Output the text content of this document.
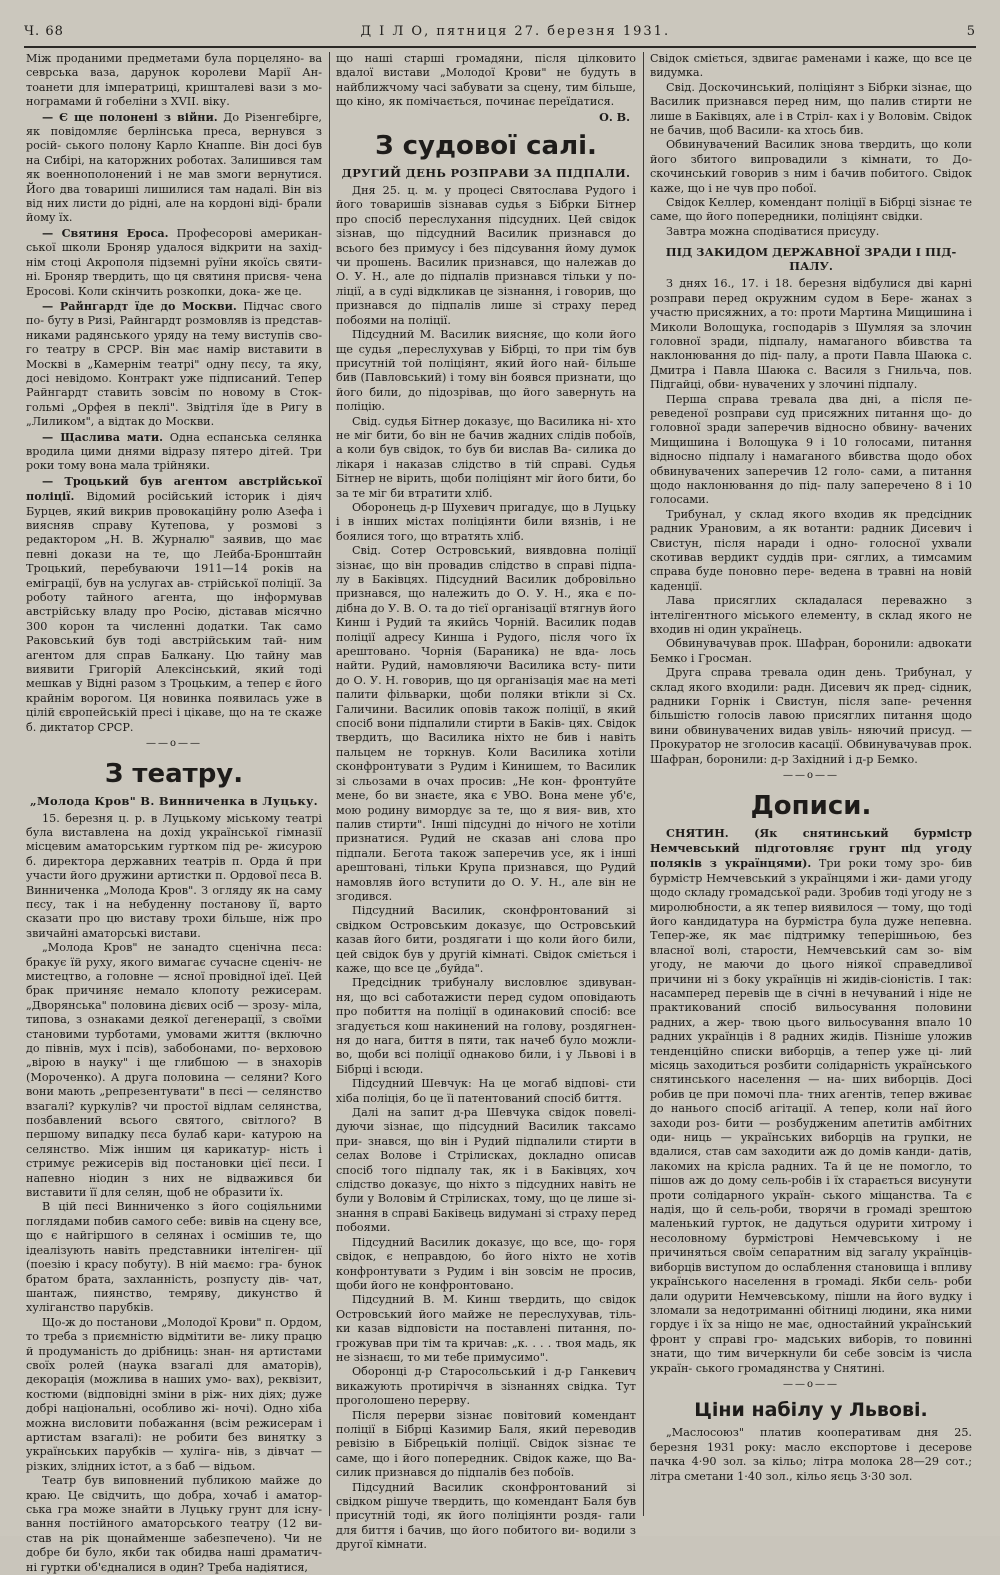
Ч. 68	Д І Л О, пятниця 27. березня 1931.	5

Між проданими предметами була порцеляно- ва севрська ваза, дарунок королеви Марії Ан- тоанети для імператриці, кришталеві вази з мо- нограмами й гобеліни з XVII. віку.

— Є ще полонені з війни. До Різенгебірге, як повідомляє берлінська преса, вернувся з росій- ського полону Карло Кнаппе. Він досі був на Сибірі, на каторжних роботах. Залишився там як военнополонений і не мав змоги вернутися. Його два товариші лишилися там надалі. Він віз від них листи до рідні, але на кордоні віді- брали йому їх.

— Святиня Ероса. Професорові американ- ської школи Броняр удалося відкрити на захід- нім стоці Акрополя підземні руїни якоїсь святи- ні. Броняр твердить, що ця святиня присвя- чена Еросові. Коли скінчить розкопки, дока- же це.

— Райнгардт їде до Москви. Підчас свого по- буту в Ризі, Райнгардт розмовляв із представ- никами радянського уряду на тему виступів сво- го театру в СРСР. Він має намір виставити в Москві в „Камернім театрі" одну пєсу, та яку, досі невідомо. Контракт уже підписаний. Тепер Райнгардт ставить зовсім по новому в Сток- гольмі „Орфея в пеклі". Звідтіля їде в Ригу в „Лиликом", а відтак до Москви.

— Щаслива мати. Одна еспанська селянка вродила цими днями відразу пятеро дітей. Три роки тому вона мала трійняки.

— Троцький був агентом австрійської поліції. Відомий російський історик і діяч Бурцев, який викрив провокаційну ролю Азефа і виясняв справу Кутепова, у розмові з редактором „Н. В. Журналю" заявив, що має певні докази на те, що Лейба-Бронштайн Троцький, перебуваючи 1911—14 років на еміграції, був на услугах ав- стрійської поліції. За роботу тайного агента, що інформував австрійську владу про Росію, діставав місячно 300 корон та численні додатки. Так само Раковський був тоді австрійським тай- ним агентом для справ Балкану. Цю тайну мав виявити Григорій Алексінський, який тоді мешкав у Відні разом з Троцьким, а тепер є його крайнім ворогом. Ця новинка появилась уже в цілій європейській пресі і цікаве, що на те скаже б. диктатор СРСР.

——o——
З театру.
„Молода Кров" В. Винниченка в Луцьку.

15. березня ц. р. в Луцькому міському театрі була виставлена на дохід української гімназії місцевим аматорським гуртком під ре- жисурою б. директора державних театрів п. Орда й при участи його дружини артистки п. Ордової пєса В. Винниченка „Молода Кров". З огляду як на саму пєсу, так і на небуденну постанову її, варто сказати про цю виставу трохи більше, ніж про звичайні аматорські вистави.

„Молода Кров" не занадто сценічна пєса: бракує їй руху, якого вимагає сучасне сценіч- не мистецтво, а головне — ясної провідної ідеї. Цей брак причиняє немало клопоту режисерам. „Дворянська" половина дієвих осіб — зрозу- міла, типова, з ознаками деякої дегенерації, з своїми становими турботами, умовами життя (включно до півнів, мух і псів), забобонами, по- верховою „вірою в науку" і ще глибшою — в знахорів (Мороченко). А друга половина — селяни? Кого вони мають „репрезентувати" в пєсі — селянство взагалі? куркулів? чи простої відлам селянства, позбавлений всього святого, світлого? В першому випадку пєса булаб кари- катурою на селянство. Між іншим ця карикатур- ність і стримує режисерів від постановки цієї пєси. І напевно ніодин з них не відважився би виставити її для селян, щоб не образити їх.

В цій пєсі Винниченко з його соціяльними поглядами побив самого себе: вивів на сцену все, що є найгіршого в селянах і осмішив те, що ідеалізують навіть представники інтеліген- ції (поезію і красу побуту). В ній маємо: гра- бунок братом брата, захланність, розпусту дів- чат, шантаж, пиянство, темряву, дикунство й хуліганство парубків.

Що-ж до постанови „Молодої Крови" п. Ордом, то треба з приємністю відмітити ве- лику працю й продуманість до дрібниць: знан- ня артистами своїх ролей (наука взагалі для аматорів), декорація (можлива в наших умо- вах), реквізит, костюми (відповідні зміни в ріж- них діях; дуже добрі національні, особливо жі- ночі). Одно хіба можна висловити побажання (всім режисерам і артистам взагалі): не робити без винятку з українських парубків — хуліга- нів, з дівчат — різких, злідних істот, а з баб — відьом.

Театр був виповнений публикою майже до краю. Це свідчить, що добра, хочаб і аматор- ська гра може знайти в Луцьку грунт для існу- вання постійного аматорського театру (12 ви- став на рік щонайменше забезпечено). Чи не добре би було, якби так обидва наші драматич- ні гуртки об'єдналися в один? Треба надіятися,

що наші старші громадяни, після цілковито вдалої вистави „Молодої Крови" не будуть в найближчому часі забувати за сцену, тим більше, що кіно, як помічається, починає переїдатися.

О. В.
З судової салі.
ДРУГИЙ ДЕНЬ РОЗПРАВИ ЗА ПІДПАЛИ.

Дня 25. ц. м. у процесі Святослава Рудого і його товаришів зізнавав судья з Бібрки Бітнер про спосіб переслухання підсудних. Цей свідок зізнав, що підсудний Василик признався до всього без примусу і без підсування йому думок чи прошень. Василик признався, що належав до О. У. Н., але до підпалів признався тільки у по- ліції, а в суді відкликав це зізнання, і говорив, що признався до підпалів лише зі страху перед побоями на поліції.

Підсудний М. Василик виясняє, що коли його ще судья „переслухував у Бібрці, то при тім був присутній той поліціянт, який його най- більше бив (Павловський) і тому він боявся признати, що його били, до підозрівав, що його завернуть на поліцію.

Свід. судья Бітнер доказує, що Василика ні- хто не міг бити, бо він не бачив жадних слідів побоїв, а коли був свідок, то був би вислав Ва- силика до лікаря і наказав слідство в тій справі. Судья Бітнер не вірить, щоби поліціянт міг його бити, бо за те міг би втратити хліб.

Оборонець д-р Шухевич пригадує, що в Луцьку і в інших містах поліціянти били вязнів, і не боялися того, що втратять хліб.

Свід. Сотер Островський, виявдовна поліції зізнає, що він провадив слідство в справі підпа- лу в Баківцях. Підсудний Василик добровільно признався, що належить до О. У. Н., яка є по- дібна до У. В. О. та до тієї організації втягнув його Кинш і Рудий та якийсь Чорній. Василик подав поліції адресу Кинша і Рудого, після чого їх арештовано. Чорнія (Бараника) не вда- лось найти. Рудий, намовляючи Василика всту- пити до О. У. Н. говорив, що ця організація має на меті палити фільварки, щоби поляки втікли зі Сх. Галичини. Василик оповів також поліції, в який спосіб вони підпалили стирти в Баків- цях. Свідок твердить, що Василика ніхто не бив і навіть пальцем не торкнув. Коли Василика хотіли сконфронтувати з Рудим і Кинишем, то Василик зі сльозами в очах просив: „Не кон- фронтуйте мене, бо ви знаєте, яка є УВО. Вона мене уб'є, мою родину вимордує за те, що я вия- вив, хто палив стирти". Інші підсудні до нічого не хотіли признатися. Рудий не сказав ані слова про підпали. Бегота також заперечив усе, як і інші арештовані, тільки Крупа признався, що Рудий намовляв його вступити до О. У. Н., але він не згодився.

Підсудний Василик, сконфронтований зі свідком Островським доказує, що Островський казав його бити, роздягати і що коли його били, цей свідок був у другій кімнаті. Свідок сміється і каже, що все це „буйда".

Предсідник трибуналу висловлює здивуван- ня, що всі саботажисти перед судом оповідають про побиття на поліції в одинаковий спосіб: все згадується кош накинений на голову, роздягнен- ня до нага, биття в пяти, так начеб було можли- во, щоби всі поліції однаково били, і у Львові і в Бібрці і всюди.

Підсудний Шевчук: На це могаб відпові- сти хіба поліція, бо це їі патентований спосіб биття.

Далі на запит д-ра Шевчука свідок повелі- дуючи зізнає, що підсудний Василик таксамо при- знався, що він і Рудий підпалили стирти в селах Волове і Стрілисках, докладно описав спосіб того підпалу так, як і в Баківцях, хоч слідство доказує, що ніхто з підсудних навіть не були у Воловім й Стрілисках, тому, що це лише зі- знання в справі Баківець видумані зі страху перед побоями.

Підсудний Василик доказує, що все, що- горя свідок, є неправдою, бо його ніхто не хотів конфронтувати з Рудим і він зовсім не просив, щоби його не конфронтовано.

Підсудний В. М. Кинш твердить, що свідок Островський його майже не переслухував, тіль- ки казав відповісти на поставлені питання, по- грожував при тім та кричав: „к. . . . твоя мадь, як не зізнаєш, то ми тебе примусимо".

Оборонці д-р Старосольський і д-р Ганкевич викажують протиріччя в зізнаннях свідка. Тут проголошено перерву.

Після перерви зізнає повітовий комендант поліції в Бібрці Казимир Баля, який переводив ревізію в Бібрецькій поліції. Свідок зізнає те саме, що і його попередник. Свідок каже, що Ва- силик признався до підпалів без побоїв.

Підсудний Василик сконфронтований зі свідком рішуче твердить, що комендант Баля був присутній тоді, як його поліціянти роздя- гали для биття і бачив, що його побитого ви- водили з другої кімнати.

Свідок сміється, здвигає раменами і каже, що все це видумка.

Свід. Доскочинський, поліціянт з Бібрки зізнає, що Василик признався перед ним, що палив стирти не лише в Баківцях, але і в Стріл- ках і у Воловім. Свідок не бачив, щоб Васили- ка хтось бив.

Обвинувачений Василик знова твердить, що коли його збитого випровадили з кімнати, то До- скочинський говорив з ним і бачив побитого. Свідок каже, що і не чув про побої.

Свідок Келлер, комендант поліції в Бібрці зізнає те саме, що його попередники, поліціянт свідки.

Завтра можна сподіватися присуду.

ПІД ЗАКИДОМ ДЕРЖАВНОЇ ЗРАДИ І ПІД- ПАЛУ.

З днях 16., 17. і 18. березня відбулися дві карні розправи перед окружним судом в Бере- жанах з участю присяжних, а то: проти Мартина Мищишина і Миколи Волощука, господарів з Шумляя за злочин головної зради, підпалу, намаганого вбивства та наклонювання до під- палу, а проти Павла Шаюка с. Дмитра і Павла Шаюка с. Василя з Гнильча, пов. Підгайці, обви- нувачених у злочині підпалу.

Перша справа тревала два дні, а після пе- реведеної розправи суд присяжних питання що- до головної зради заперечив відносно обвину- вачених Мищишина і Волощука 9 і 10 голосами, питання відносно підпалу і намаганого вбивства щодо обох обвинувачених заперечив 12 голо- сами, а питання щодо наклонювання до під- палу заперечено 8 і 10 голосами.

Трибунал, у склад якого входив як предсідник радник Урановим, а як вотанти: радник Дисевич і Свистун, після наради і одно- голосної ухвали скотивав вердикт суддів при- сяглих, а тимсамим справа буде поновно пере- ведена в травні на новій каденції.

Лава присяглих складалася переважно з інтелігентного міського елементу, в склад якого не входив ні один українець.

Обвинувачував прок. Шафран, боронили: адвокати Бемко і Гросман.

Друга справа тревала один день. Трибунал, у склад якого входили: радн. Дисевич як пред- сідник, радники Горнік і Свистун, після запе- речення більшістю голосів лавою присяглих питання щодо вини обвинувачених видав увіль- няючий присуд. — Прокуратор не зголосив касації. Обвинувачував прок. Шафран, боронили: д-р Західний і д-р Бемко.

——o——
Дописи.

СНЯТИН. (Як снятинський бурмістр Немчевський підготовляє грунт під угоду поляків з українцями). Три роки тому зро- бив бурмістр Немчевський з українцями і жи- дами угоду щодо складу громадської ради. Зробив тоді угоду не з миролюбности, а як тепер виявилося — тому, що тоді його кандидатура на бурмістра була дуже непевна. Тепер-же, як має підтримку теперішньою, без власної волі, старости, Немчевський сам зо- вім угоду, не маючи до цього ніякої справедливої причини ні з боку українців ні жидів-сіоністів. І так: насамперед перевів ще в січні в нечуваний і ніде не практикований спосіб вильосування половини радних, а жер- твою цього вильосування впало 10 радних українців і 8 радних жидів. Пізніше уложив тенденційно списки виборців, а тепер уже ці- лий місяць заходиться розбити солідарність українського снятинського населення — на- ших виборців. Досі робив це при помочі пла- тних агентів, тепер вживає до нанього спосіб агітації. А тепер, коли наї його заходи роз- бити — розбудженим апетитів амбітних оди- ниць — українських виборців на групки, не вдалися, став сам заходити аж до домів канди- датів, лакомих на крісла радних. Та й це не помогло, то пішов аж до дому сель-робів і їх старається висунути проти солідарного україн- ського міщанства. Та є надія, що й сель-роби, творячи в громаді зрештою маленький гурток, не дадуться одурити хитрому і несоловному бурмістрові Немчевському і не причиняться своїм сепаратним від загалу українців-виборців виступом до ослаблення становища і впливу українського населення в громаді. Якби сель- роби дали одурити Немчевському, пішли на його вудку і зломали за недотриманні обітниці людини, яка ними гордує і їх за ніщо не має, одностайний український фронт у справі гро- мадських виборів, то повинні знати, що тим вичеркнули би себе зовсім із числа україн- ського громадянства у Снятині.

——o——
Ціни набілу у Львові.

„Маслосоюз" платив кооперативам дня 25. березня 1931 року: масло експортове і десерове пачка 4·90 зол. за кільо; літра молока 28—29 сот.; літра сметани 1·40 зол., кільо яєць 3·30 зол.
